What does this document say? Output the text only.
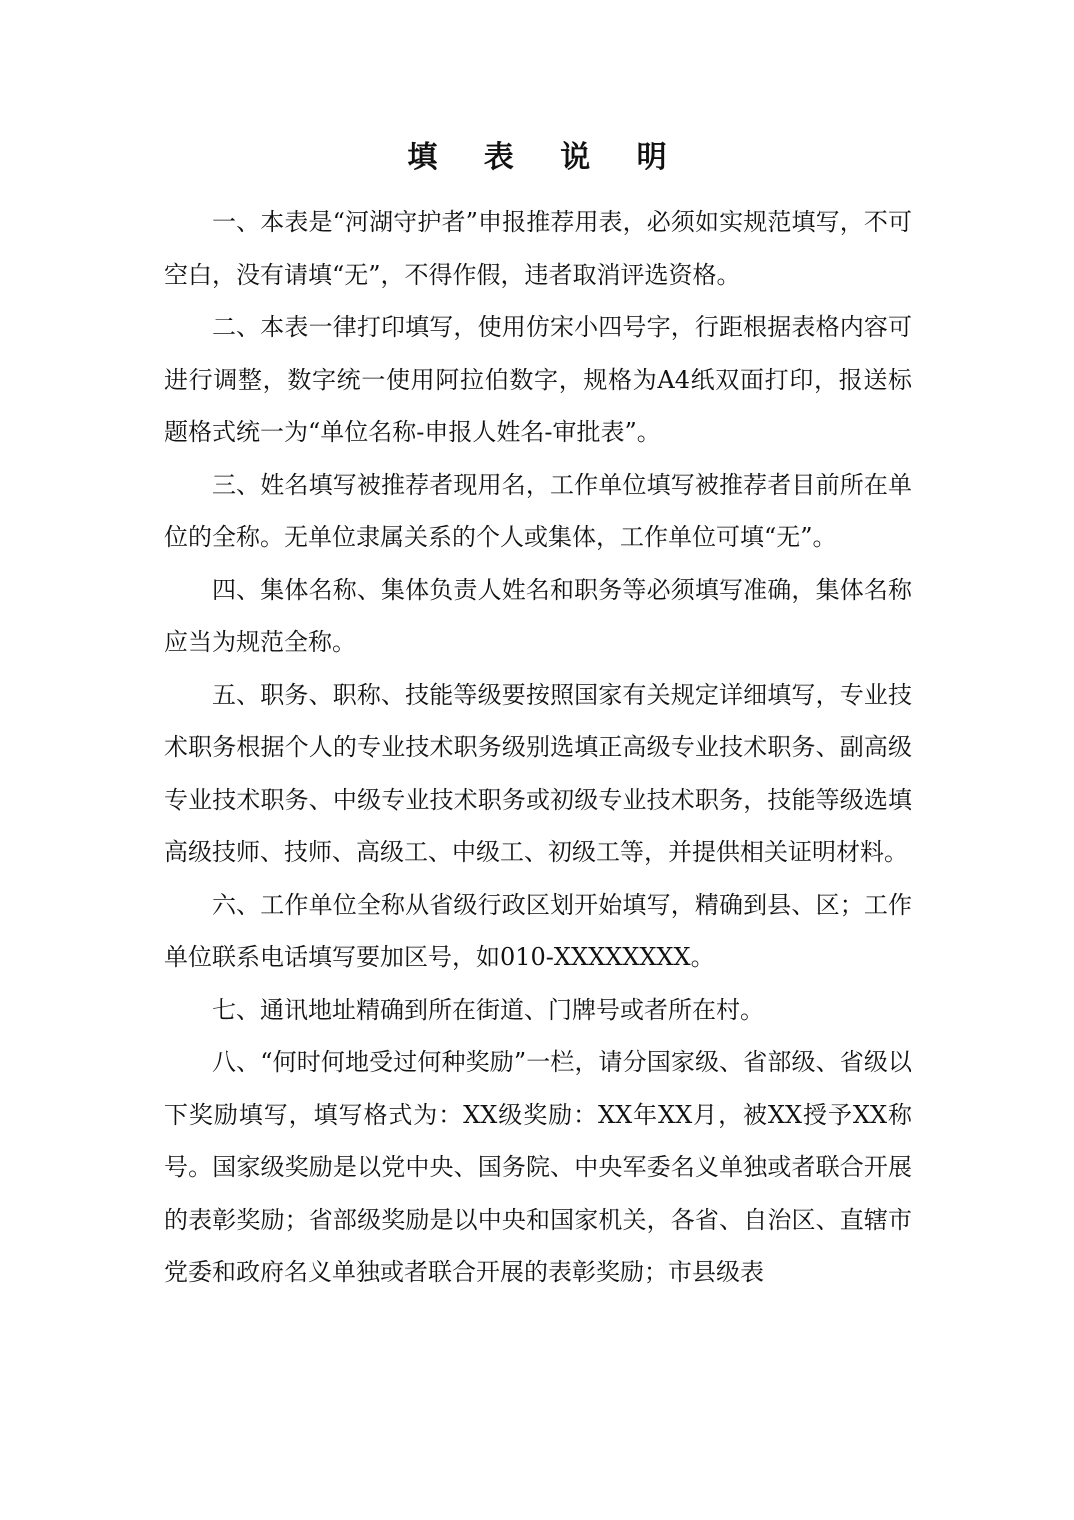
填 表 说 明

一、本表是“河湖守护者”申报推荐用表，必须如实规范填写，不可空白，没有请填“无”，不得作假，违者取消评选资格。

二、本表一律打印填写，使用仿宋小四号字，行距根据表格内容可进行调整，数字统一使用阿拉伯数字，规格为A4纸双面打印，报送标题格式统一为“单位名称-申报人姓名-审批表”。

三、姓名填写被推荐者现用名，工作单位填写被推荐者目前所在单位的全称。无单位隶属关系的个人或集体，工作单位可填“无”。

四、集体名称、集体负责人姓名和职务等必须填写准确，集体名称应当为规范全称。

五、职务、职称、技能等级要按照国家有关规定详细填写，专业技术职务根据个人的专业技术职务级别选填正高级专业技术职务、副高级专业技术职务、中级专业技术职务或初级专业技术职务，技能等级选填高级技师、技师、高级工、中级工、初级工等，并提供相关证明材料。

六、工作单位全称从省级行政区划开始填写，精确到县、区；工作单位联系电话填写要加区号，如010-XXXXXXXX。

七、通讯地址精确到所在街道、门牌号或者所在村。

八、“何时何地受过何种奖励”一栏，请分国家级、省部级、省级以下奖励填写，填写格式为：XX级奖励：XX年XX月，被XX授予XX称号。国家级奖励是以党中央、国务院、中央军委名义单独或者联合开展的表彰奖励；省部级奖励是以中央和国家机关，各省、自治区、直辖市党委和政府名义单独或者联合开展的表彰奖励；市县级表
